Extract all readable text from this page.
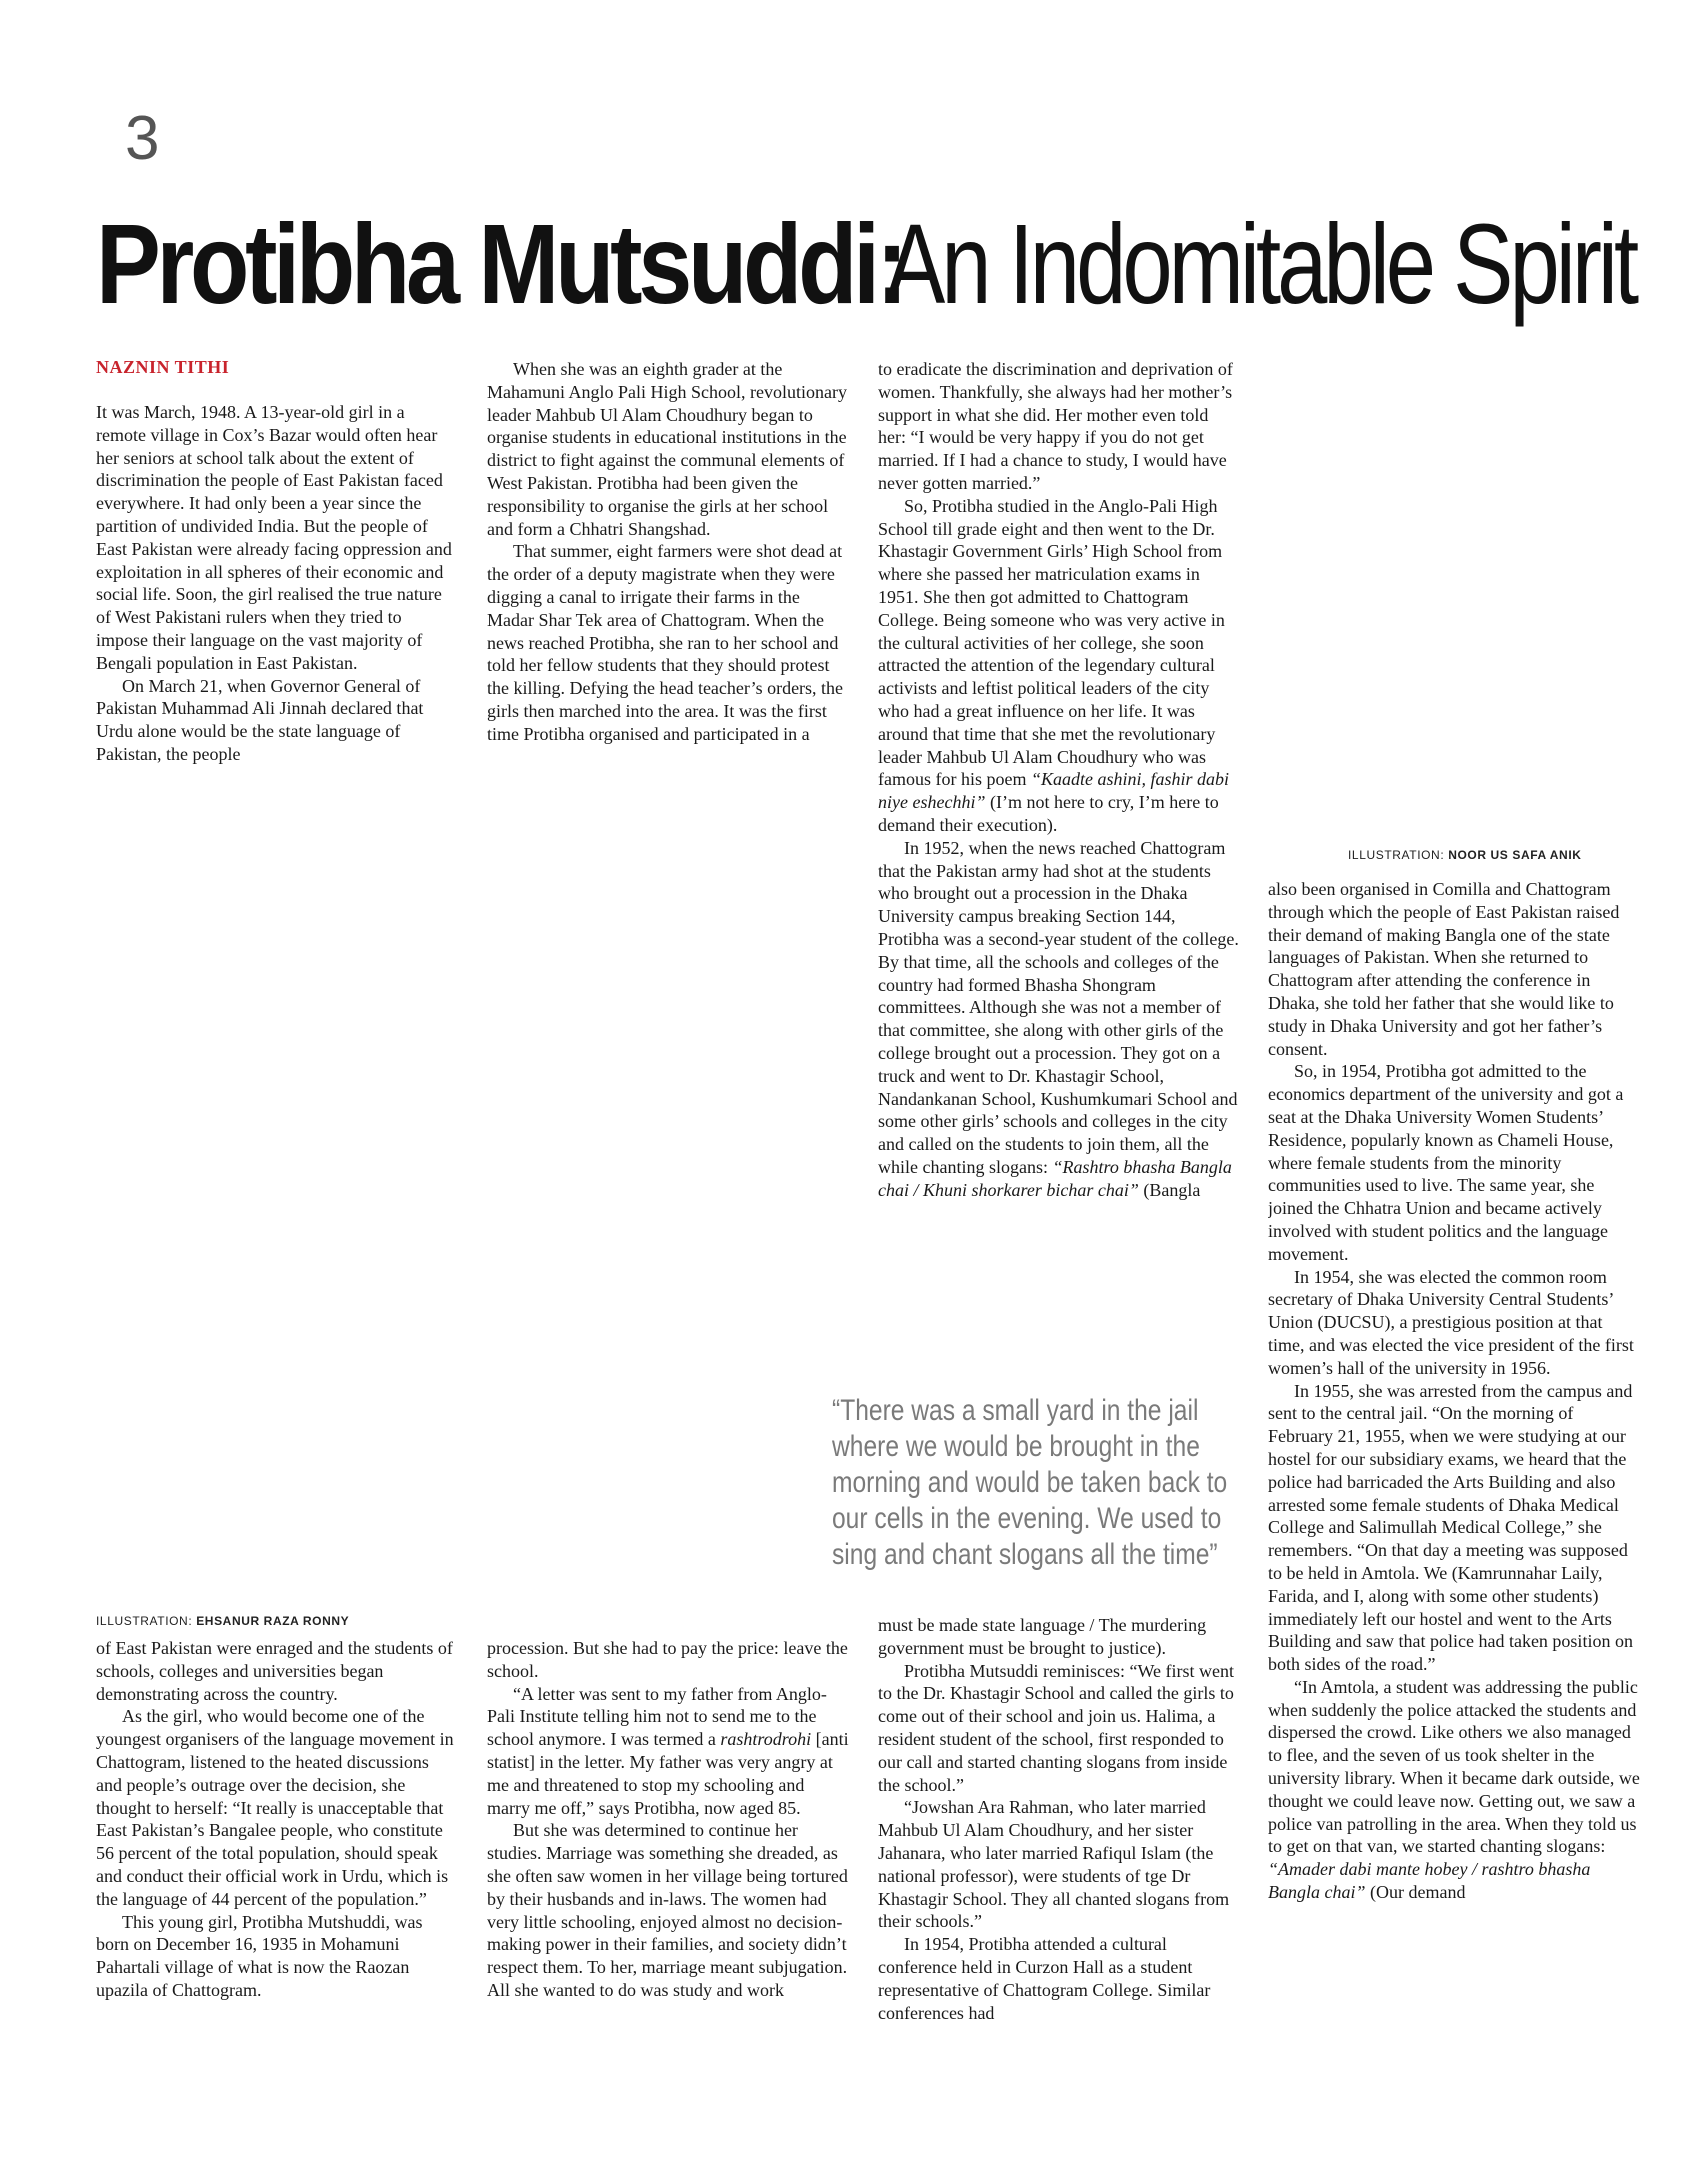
3
Protibha Mutsuddi:An Indomitable Spirit
NAZNIN TITHI

It was March, 1948. A 13-year-old girl in a remote village in Cox’s Bazar would often hear her seniors at school talk about the extent of discrimination the people of East Pakistan faced everywhere. It had only been a year since the partition of undivided India. But the people of East Pakistan were already facing oppression and exploitation in all spheres of their economic and social life. Soon, the girl realised the true nature of West Pakistani rulers when they tried to impose their language on the vast majority of Bengali population in East Pakistan.

On March 21, when Governor General of Pakistan Muhammad Ali Jinnah declared that Urdu alone would be the state language of Pakistan, the people

When she was an eighth grader at the Mahamuni Anglo Pali High School, revolutionary leader Mahbub Ul Alam Choudhury began to organise students in educational institutions in the district to fight against the communal elements of West Pakistan. Protibha had been given the responsibility to organise the girls at her school and form a Chhatri Shangshad.

That summer, eight farmers were shot dead at the order of a deputy magistrate when they were digging a canal to irrigate their farms in the Madar Shar Tek area of Chattogram. When the news reached Protibha, she ran to her school and told her fellow students that they should protest the killing. Defying the head teacher’s orders, the girls then marched into the area. It was the first time Protibha organised and participated in a

to eradicate the discrimination and deprivation of women. Thankfully, she always had her mother’s support in what she did. Her mother even told her: “I would be very happy if you do not get married. If I had a chance to study, I would have never gotten married.”

So, Protibha studied in the Anglo-Pali High School till grade eight and then went to the Dr. Khastagir Government Girls’ High School from where she passed her matriculation exams in 1951. She then got admitted to Chattogram College. Being someone who was very active in the cultural activities of her college, she soon attracted the attention of the legendary cultural activists and leftist political leaders of the city who had a great influence on her life. It was around that time that she met the revolutionary leader Mahbub Ul Alam Choudhury who was famous for his poem “Kaadte ashini, fashir dabi niye eshechhi” (I’m not here to cry, I’m here to demand their execution).

In 1952, when the news reached Chattogram that the Pakistan army had shot at the students who brought out a procession in the Dhaka University campus breaking Section 144, Protibha was a second-year student of the college. By that time, all the schools and colleges of the country had formed Bhasha Shongram committees. Although she was not a member of that committee, she along with other girls of the college brought out a procession. They got on a truck and went to Dr. Khastagir School, Nandankanan School, Kushumkumari School and some other girls’ schools and colleges in the city and called on the students to join them, all the while chanting slogans: “Rashtro bhasha Bangla chai / Khuni shorkarer bichar chai” (Bangla

“There was a small yard in the jail where we would be brought in the morning and would be taken back to our cells in the evening. We used to sing and chant slogans all the time”
ILLUSTRATION: NOOR US SAFA ANIK

also been organised in Comilla and Chattogram through which the people of East Pakistan raised their demand of making Bangla one of the state languages of Pakistan. When she returned to Chattogram after attending the conference in Dhaka, she told her father that she would like to study in Dhaka University and got her father’s consent.

So, in 1954, Protibha got admitted to the economics department of the university and got a seat at the Dhaka University Women Students’ Residence, popularly known as Chameli House, where female students from the minority communities used to live. The same year, she joined the Chhatra Union and became actively involved with student politics and the language movement.

In 1954, she was elected the common room secretary of Dhaka University Central Students’ Union (DUCSU), a prestigious position at that time, and was elected the vice president of the first women’s hall of the university in 1956.

In 1955, she was arrested from the campus and sent to the central jail. “On the morning of February 21, 1955, when we were studying at our hostel for our subsidiary exams, we heard that the police had barricaded the Arts Building and also arrested some female students of Dhaka Medical College and Salimullah Medical College,” she remembers. “On that day a meeting was supposed to be held in Amtola. We (Kamrunnahar Laily, Farida, and I, along with some other students) immediately left our hostel and went to the Arts Building and saw that police had taken position on both sides of the road.”

“In Amtola, a student was addressing the public when suddenly the police attacked the students and dispersed the crowd. Like others we also managed to flee, and the seven of us took shelter in the university library. When it became dark outside, we thought we could leave now. Getting out, we saw a police van patrolling in the area. When they told us to get on that van, we started chanting slogans: “Amader dabi mante hobey / rashtro bhasha Bangla chai” (Our demand

ILLUSTRATION: EHSANUR RAZA RONNY

of East Pakistan were enraged and the students of schools, colleges and universities began demonstrating across the country.

As the girl, who would become one of the youngest organisers of the language movement in Chattogram, listened to the heated discussions and people’s outrage over the decision, she thought to herself: “It really is unacceptable that East Pakistan’s Bangalee people, who constitute 56 percent of the total population, should speak and conduct their official work in Urdu, which is the language of 44 percent of the population.”

This young girl, Protibha Mutshuddi, was born on December 16, 1935 in Mohamuni Pahartali village of what is now the Raozan upazila of Chattogram.

procession. But she had to pay the price: leave the school.

“A letter was sent to my father from Anglo-Pali Institute telling him not to send me to the school anymore. I was termed a rashtrodrohi [anti statist] in the letter. My father was very angry at me and threatened to stop my schooling and marry me off,” says Protibha, now aged 85.

But she was determined to continue her studies. Marriage was something she dreaded, as she often saw women in her village being tortured by their husbands and in-laws. The women had very little schooling, enjoyed almost no decision-making power in their families, and society didn’t respect them. To her, marriage meant subjugation. All she wanted to do was study and work

must be made state language / The murdering government must be brought to justice).

Protibha Mutsuddi reminisces: “We first went to the Dr. Khastagir School and called the girls to come out of their school and join us. Halima, a resident student of the school, first responded to our call and started chanting slogans from inside the school.”

“Jowshan Ara Rahman, who later married Mahbub Ul Alam Choudhury, and her sister Jahanara, who later married Rafiqul Islam (the national professor), were students of tge Dr Khastagir School. They all chanted slogans from their schools.”

In 1954, Protibha attended a cultural conference held in Curzon Hall as a student representative of Chattogram College. Similar conferences had
